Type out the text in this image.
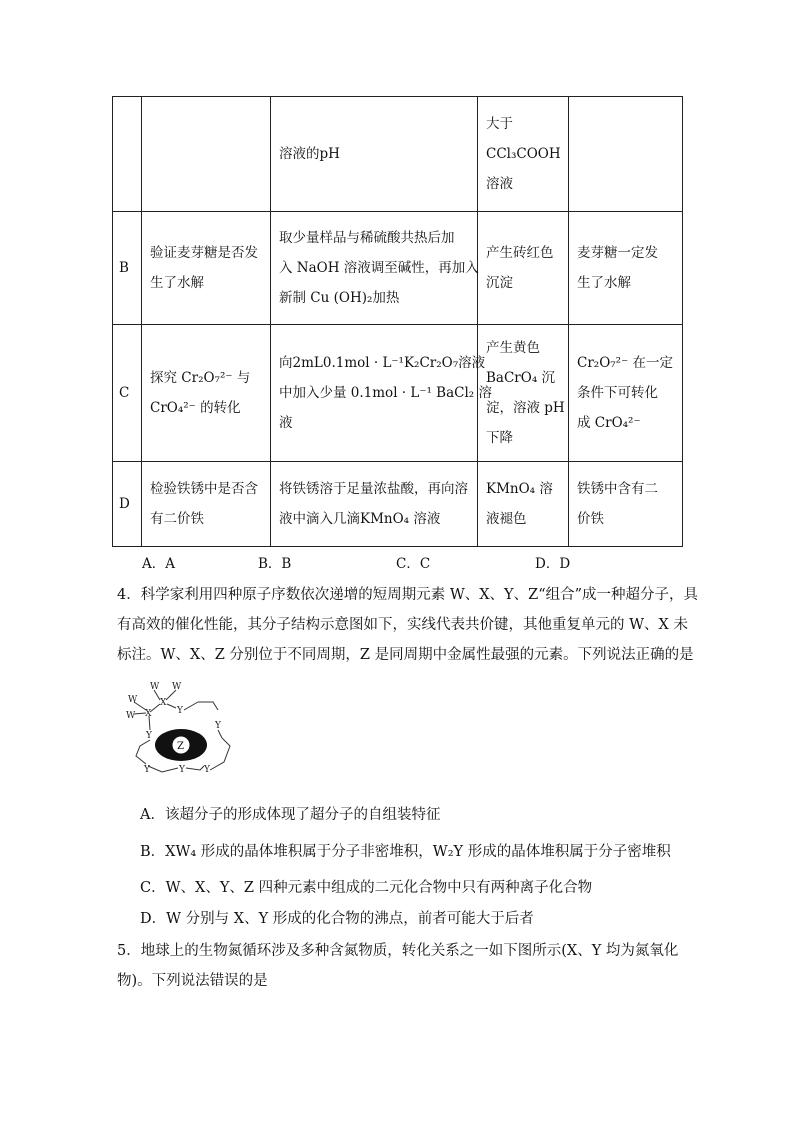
		溶液的pH	大于
CCl₃COOH
溶液	

B	验证麦芽糖是否发
生了水解	取少量样品与稀硫酸共热后加
入 NaOH 溶液调至碱性，再加入
新制 Cu (OH)₂加热	产生砖红色
沉淀	麦芽糖一定发
生了水解

C	探究 Cr₂O₇²⁻ 与
CrO₄²⁻ 的转化	向2mL0.1mol · L⁻¹K₂Cr₂O₇溶液
中加入少量 0.1mol · L⁻¹ BaCl₂ 溶
液	产生黄色
BaCrO₄ 沉
淀，溶液 pH
下降	Cr₂O₇²⁻ 在一定
条件下可转化
成 CrO₄²⁻

D	检验铁锈中是否含
有二价铁	将铁锈溶于足量浓盐酸，再向溶
液中滴入几滴KMnO₄ 溶液	KMnO₄ 溶
液褪色	铁锈中含有二
价铁
A．A	B．B	C．C	D．D
4．科学家利用四种原子序数依次递增的短周期元素 W、X、Y、Z“组合”成一种超分子，具
有高效的催化性能，其分子结构示意图如下，实线代表共价键，其他重复单元的 W、X 未
标注。W、X、Z 分别位于不同周期，Z 是同周期中金属性最强的元素。下列说法正确的是
W W
W
W
X
X	Y
Y
Y
Y	Y Y
Z
A．该超分子的形成体现了超分子的自组装特征
B．XW₄ 形成的晶体堆积属于分子非密堆积，W₂Y 形成的晶体堆积属于分子密堆积
C．W、X、Y、Z 四种元素中组成的二元化合物中只有两种离子化合物
D．W 分别与 X、Y 形成的化合物的沸点，前者可能大于后者
5．地球上的生物氮循环涉及多种含氮物质，转化关系之一如下图所示(X、Y 均为氮氧化
物)。下列说法错误的是
